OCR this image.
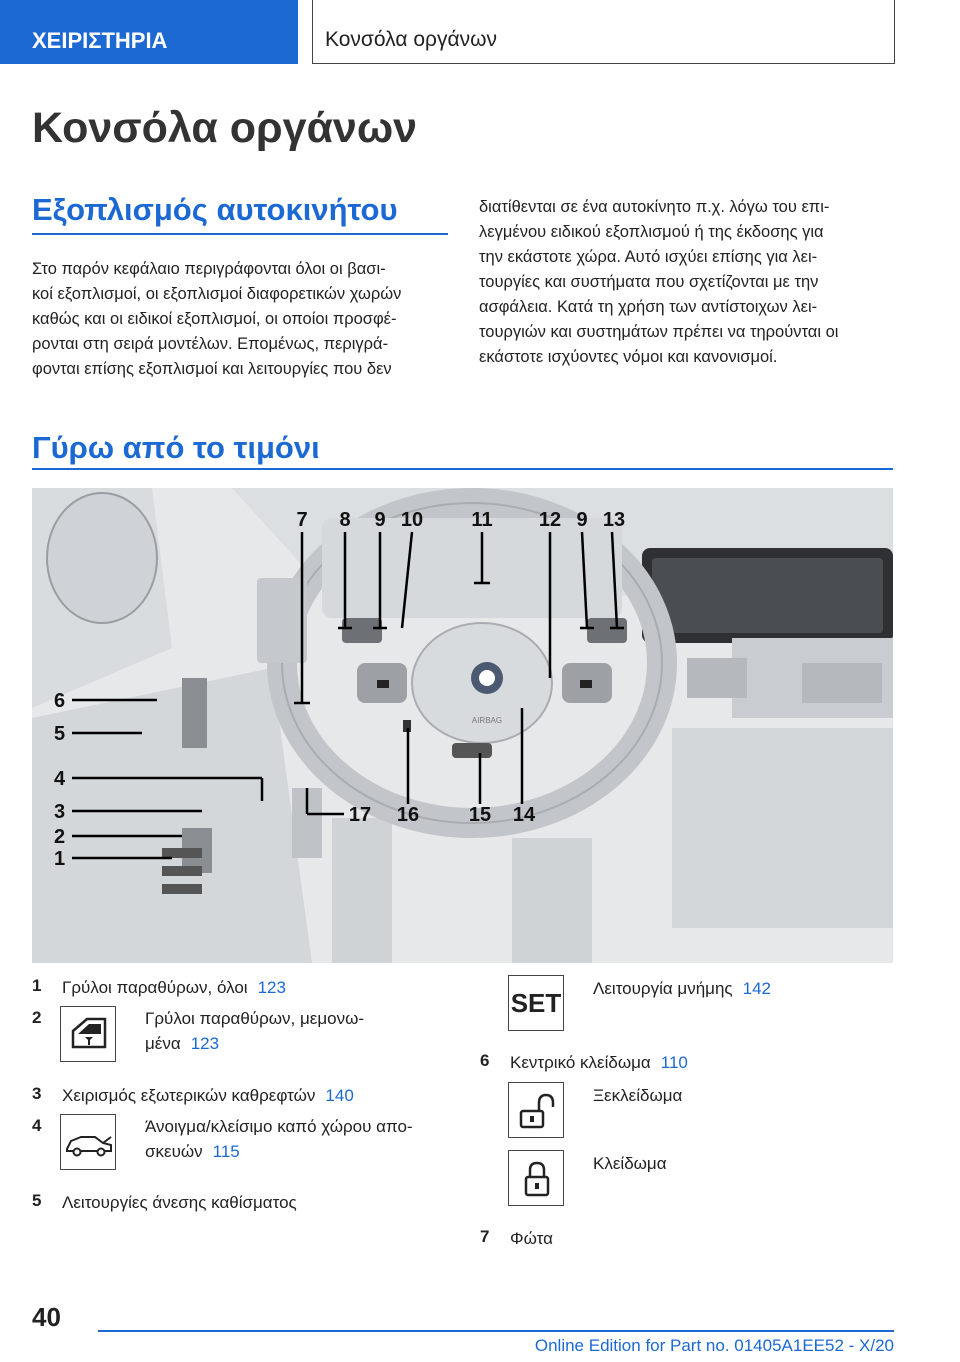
ΧΕΙΡΙΣΤΗΡΙΑ	Κονσόλα οργάνων
Κονσόλα οργάνων
Εξοπλισμός αυτοκινήτου
Στο παρόν κεφάλαιο περιγράφονται όλοι οι βασι-
κοί εξοπλισμοί, οι εξοπλισμοί διαφορετικών χωρών
καθώς και οι ειδικοί εξοπλισμοί, οι οποίοι προσφέ-
ρονται στη σειρά μοντέλων. Επομένως, περιγρά-
φονται επίσης εξοπλισμοί και λειτουργίες που δεν
διατίθενται σε ένα αυτοκίνητο π.χ. λόγω του επι-
λεγμένου ειδικού εξοπλισμού ή της έκδοσης για
την εκάστοτε χώρα. Αυτό ισχύει επίσης για λει-
τουργίες και συστήματα που σχετίζονται με την
ασφάλεια. Κατά τη χρήση των αντίστοιχων λει-
τουργιών και συστημάτων πρέπει να τηρούνται οι
εκάστοτε ισχύοντες νόμοι και κανονισμοί.
Γύρω από το τιμόνι
AIRBAG
7 8 9 10 11 12 9 13
6
5
4
3
2
1
17 16 15 14
1 Γρύλοι παραθύρων, όλοι 123
2	Γρύλοι παραθύρων, μεμονω-
μένα 123
3 Χειρισμός εξωτερικών καθρεφτών 140
4	Άνοιγμα/κλείσιμο καπό χώρου απο-
σκευών 115
5 Λειτουργίες άνεσης καθίσματος
SET Λειτουργία μνήμης 142
6 Κεντρικό κλείδωμα 110
Ξεκλείδωμα
Κλείδωμα
7 Φώτα
40
Online Edition for Part no. 01405A1EE52 - X/20
